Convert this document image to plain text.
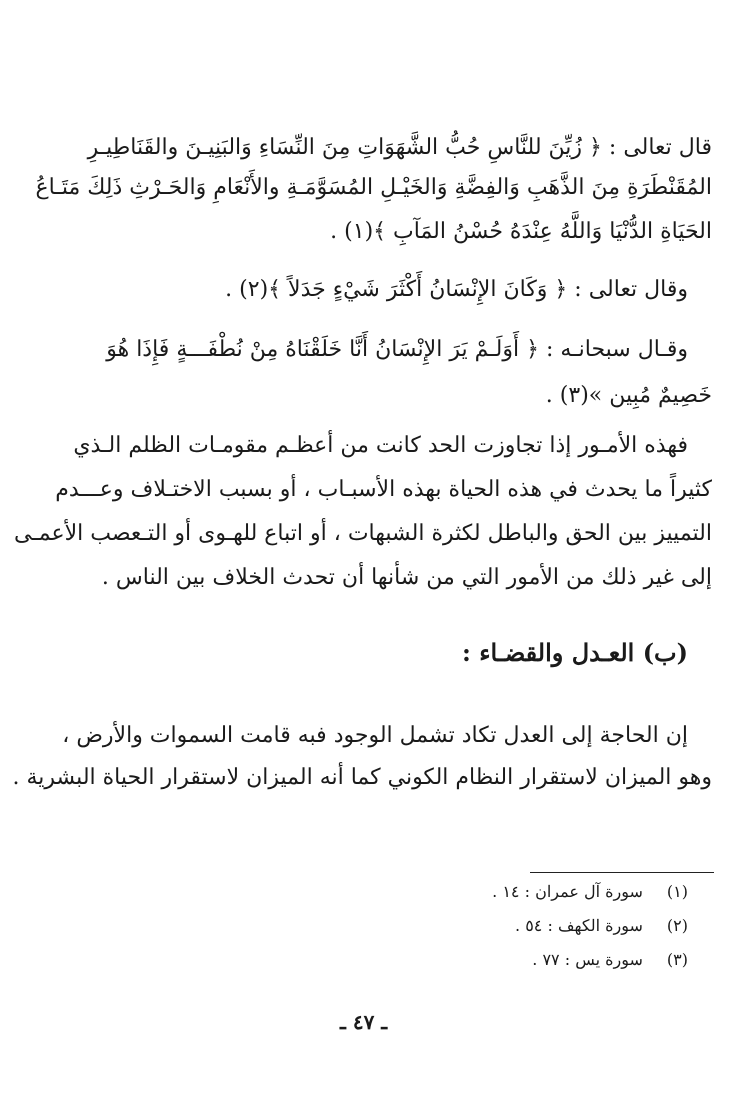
قال تعالى : ﴿ زُيِّنَ للنَّاسِ حُبُّ الشَّهَوَاتِ مِنَ النِّسَاءِ وَالبَنِيـنَ والقَنَاطِيـرِ
المُقَنْطَرَةِ مِنَ الذَّهَبِ وَالفِضَّةِ وَالخَيْـلِ المُسَوَّمَـةِ والأَنْعَامِ وَالحَـرْثِ ذَلِكَ مَتَـاعُ
الحَيَاةِ الدُّنْيَا وَاللَّهُ عِنْدَهُ حُسْنُ المَآبِ ﴾(١) .
وقال تعالى : ﴿ وَكَانَ الإِنْسَانُ أَكْثَرَ شَيْءٍ جَدَلاً ﴾(٢) .
وقـال سبحانـه : ﴿ أَوَلَـمْ يَرَ الإِنْسَانُ أَنَّا خَلَقْنَاهُ مِنْ نُطْفَـــةٍ فَإِذَا هُوَ
خَصِيمٌ مُبِين »(٣) .
فهذه الأمـور إذا تجاوزت الحد كانت من أعظـم مقومـات الظلم الـذي
كثيراً ما يحدث في هذه الحياة بهذه الأسبـاب ، أو بسبب الاختـلاف وعـــدم
التمييز بين الحق والباطل لكثرة الشبهات ، أو اتباع للهـوى أو التـعصب الأعمـى
إلى غير ذلك من الأمور التي من شأنها أن تحدث الخلاف بين الناس .
(ب) العـدل والقضـاء :
إن الحاجة إلى العدل تكاد تشمل الوجود فبه قامت السموات والأرض ،
وهو الميزان لاستقرار النظام الكوني كما أنه الميزان لاستقرار الحياة البشرية .
(١) سورة آل عمران : ١٤ .
(٢) سورة الكهف : ٥٤ .
(٣) سورة يس : ٧٧ .
ـ ٤٧ ـ
